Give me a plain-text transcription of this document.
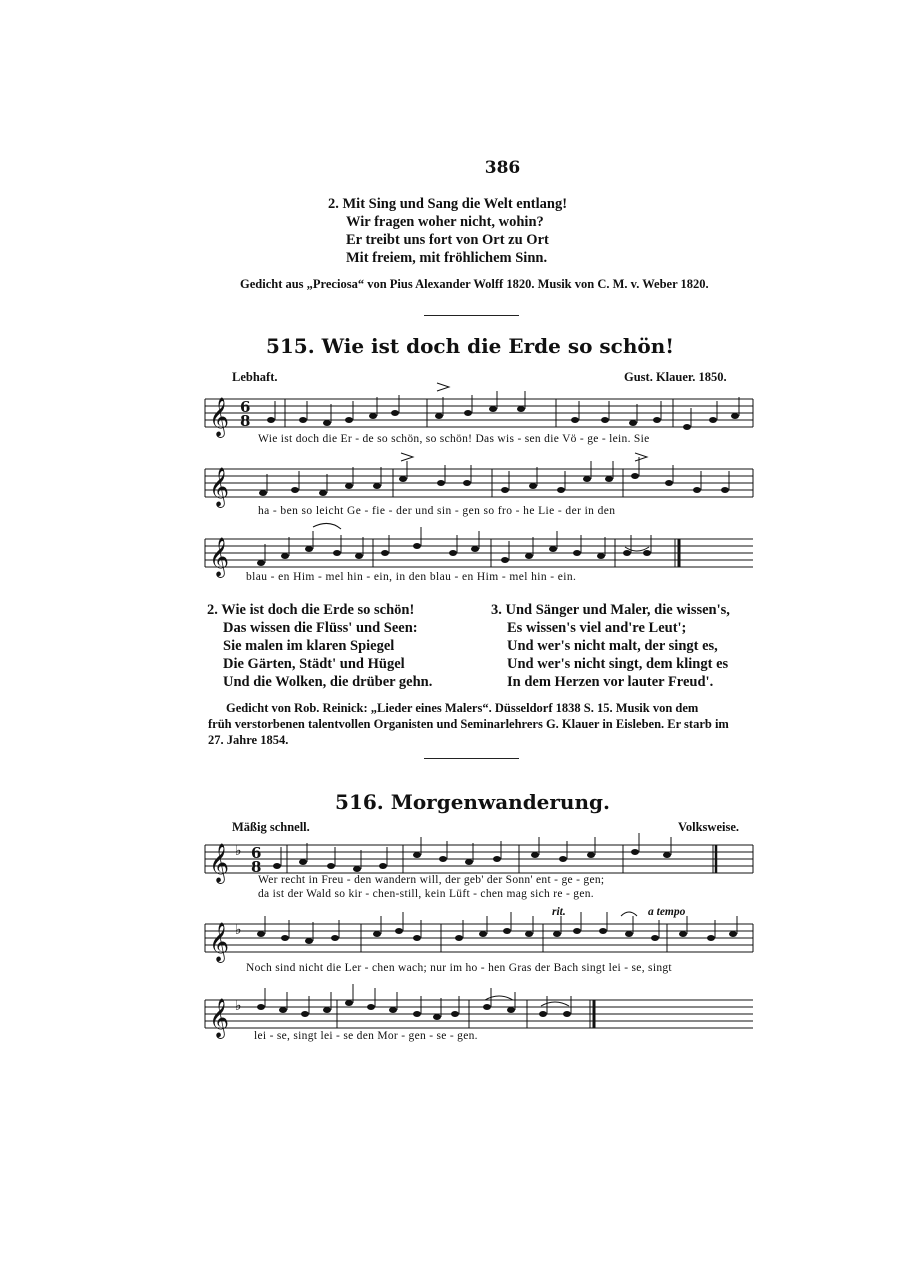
386
2. Mit Sing und Sang die Welt entlang!
Wir fragen woher nicht, wohin?
Er treibt uns fort von Ort zu Ort
Mit freiem, mit fröhlichem Sinn.
Gedicht aus „Preciosa“ von Pius Alexander Wolff 1820. Musik von C. M. v. Weber 1820.
515. Wie ist doch die Erde so schön!
Lebhaft.	Gust. Klauer. 1850.
𝄞 6
8
Wie ist doch die Er - de so schön, so schön! Das wis - sen die Vö - ge - lein. Sie
𝄞
ha - ben so leicht Ge - fie - der und sin - gen so fro - he Lie - der in den
𝄞 blau - en Him - mel hin - ein, in den blau - en Him - mel hin - ein.
2. Wie ist doch die Erde so schön!
Das wissen die Flüss' und Seen:
Sie malen im klaren Spiegel
Die Gärten, Städt' und Hügel
Und die Wolken, die drüber gehn.
3. Und Sänger und Maler, die wissen's,
Es wissen's viel and're Leut';
Und wer's nicht malt, der singt es,
Und wer's nicht singt, dem klingt es
In dem Herzen vor lauter Freud'.
Gedicht von Rob. Reinick: „Lieder eines Malers“. Düsseldorf 1838 S. 15. Musik von dem
früh verstorbenen talentvollen Organisten und Seminarlehrers G. Klauer in Eisleben. Er starb im
27. Jahre 1854.
516. Morgenwanderung.
Mäßig schnell.	Volksweise.
𝄞 ♭ 6
8
Wer recht in Freu - den wandern will, der geb' der Sonn' ent - ge - gen;
da ist der Wald so kir - chen-still, kein Lüft - chen mag sich re - gen.
rit.	a tempo
𝄞 ♭
Noch sind nicht die Ler - chen wach; nur im ho - hen Gras der Bach singt lei - se, singt
𝄞 ♭
lei - se, singt lei - se den Mor - gen - se - gen.
